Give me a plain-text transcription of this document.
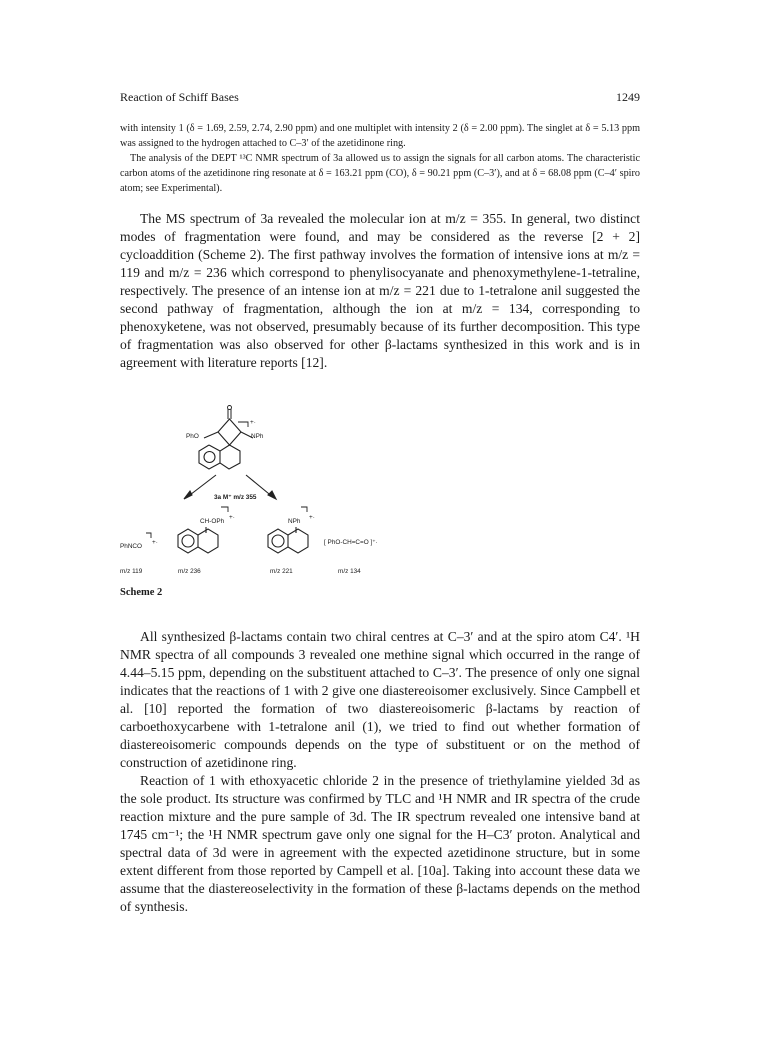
Reaction of Schiff Bases	1249

with intensity 1 (δ = 1.69, 2.59, 2.74, 2.90 ppm) and one multiplet with intensity 2 (δ = 2.00 ppm). The singlet at δ = 5.13 ppm was assigned to the hydrogen attached to C–3′ of the azetidinone ring.

The analysis of the DEPT ¹³C NMR spectrum of 3a allowed us to assign the signals for all carbon atoms. The characteristic carbon atoms of the azetidinone ring resonate at δ = 163.21 ppm (CO), δ = 90.21 ppm (C–3′), and at δ = 68.08 ppm (C–4′ spiro atom; see Experimental).

The MS spectrum of 3a revealed the molecular ion at m/z = 355. In general, two distinct modes of fragmentation were found, and may be considered as the reverse [2 + 2] cycloaddition (Scheme 2). The first pathway involves the formation of intensive ions at m/z = 119 and m/z = 236 which correspond to phenylisocyanate and phenoxymethylene-1-tetraline, respectively. The presence of an intense ion at m/z = 221 due to 1-tetralone anil suggested the second pathway of fragmentation, although the ion at m/z = 134, corresponding to phenoxyketene, was not observed, presumably because of its further decomposition. This type of fragmentation was also observed for other β-lactams synthesized in this work and is in agreement with literature reports [12].

+·
PhO	NPh
3a M⁺ m/z 355
CH-OPh
+·
NPh
+·
PhNCO
+·	[ PhO-CH=C=O ]⁺·
m/z 119	m/z 236	m/z 221	m/z 134
Scheme 2

All synthesized β-lactams contain two chiral centres at C–3′ and at the spiro atom C4′. ¹H NMR spectra of all compounds 3 revealed one methine signal which occurred in the range of 4.44–5.15 ppm, depending on the substituent attached to C–3′. The presence of only one signal indicates that the reactions of 1 with 2 give one diastereoisomer exclusively. Since Campbell et al. [10] reported the formation of two diastereoisomeric β-lactams by reaction of carboethoxycarbene with 1-tetralone anil (1), we tried to find out whether formation of diastereoisomeric compounds depends on the type of substituent or on the method of construction of azetidinone ring.

Reaction of 1 with ethoxyacetic chloride 2 in the presence of triethylamine yielded 3d as the sole product. Its structure was confirmed by TLC and ¹H NMR and IR spectra of the crude reaction mixture and the pure sample of 3d. The IR spectrum revealed one intensive band at 1745 cm⁻¹; the ¹H NMR spectrum gave only one signal for the H–C3′ proton. Analytical and spectral data of 3d were in agreement with the expected azetidinone structure, but in some extent different from those reported by Campell et al. [10a]. Taking into account these data we assume that the diastereoselectivity in the formation of these β-lactams depends on the method of synthesis.
